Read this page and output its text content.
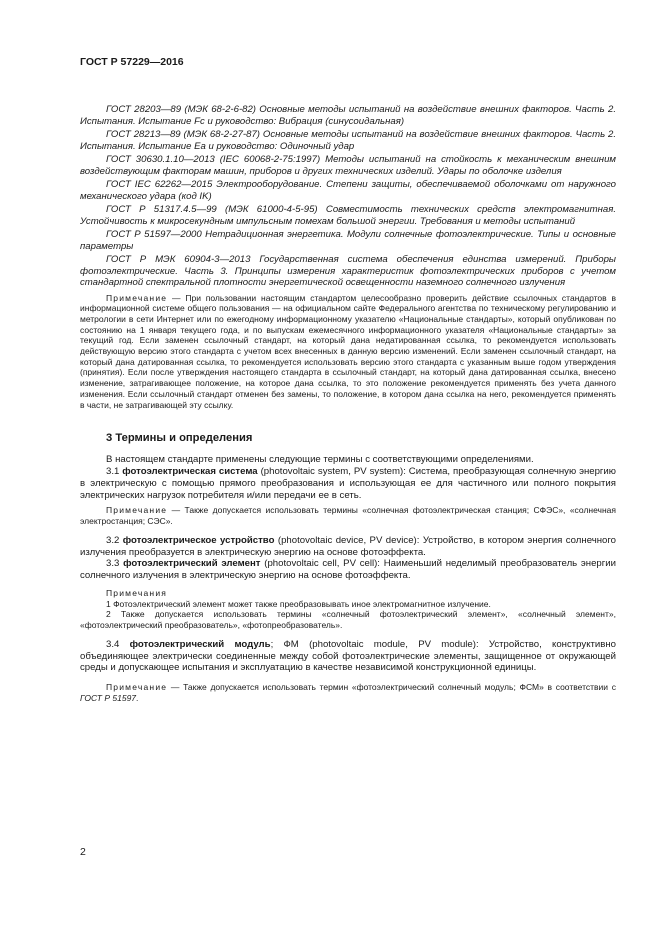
ГОСТ Р 57229—2016

ГОСТ 28203—89 (МЭК 68-2-6-82) Основные методы испытаний на воздействие внешних факторов. Часть 2. Испытания. Испытание Fc и руководство: Вибрация (синусоидальная)

ГОСТ 28213—89 (МЭК 68-2-27-87) Основные методы испытаний на воздействие внешних факторов. Часть 2. Испытания. Испытание Ea и руководство: Одиночный удар

ГОСТ 30630.1.10—2013 (IEC 60068-2-75:1997) Методы испытаний на стойкость к механическим внешним воздействующим факторам машин, приборов и других технических изделий. Удары по оболочке изделия

ГОСТ IEC 62262—2015 Электрооборудование. Степени защиты, обеспечиваемой оболочками от наружного механического удара (код IK)

ГОСТ Р 51317.4.5—99 (МЭК 61000-4-5-95) Совместимость технических средств электромагнитная. Устойчивость к микросекундным импульсным помехам большой энергии. Требования и методы испытаний

ГОСТ Р 51597—2000 Нетрадиционная энергетика. Модули солнечные фотоэлектрические. Типы и основные параметры

ГОСТ Р МЭК 60904-3—2013 Государственная система обеспечения единства измерений. Приборы фотоэлектрические. Часть 3. Принципы измерения характеристик фотоэлектрических приборов с учетом стандартной спектральной плотности энергетической освещенности наземного солнечного излучения

Примечание — При пользовании настоящим стандартом целесообразно проверить действие ссылочных стандартов в информационной системе общего пользования — на официальном сайте Федерального агентства по техническому регулированию и метрологии в сети Интернет или по ежегодному информационному указателю «Национальные стандарты», который опубликован по состоянию на 1 января текущего года, и по выпускам ежемесячного информационного указателя «Национальные стандарты» за текущий год. Если заменен ссылочный стандарт, на который дана недатированная ссылка, то рекомендуется использовать действующую версию этого стандарта с учетом всех внесенных в данную версию изменений. Если заменен ссылочный стандарт, на который дана датированная ссылка, то рекомендуется использовать версию этого стандарта с указанным выше годом утверждения (принятия). Если после утверждения настоящего стандарта в ссылочный стандарт, на который дана датированная ссылка, внесено изменение, затрагивающее положение, на которое дана ссылка, то это положение рекомендуется применять без учета данного изменения. Если ссылочный стандарт отменен без замены, то положение, в котором дана ссылка на него, рекомендуется применять в части, не затрагивающей эту ссылку.

3 Термины и определения

В настоящем стандарте применены следующие термины с соответствующими определениями.

3.1 фотоэлектрическая система (photovoltaic system, PV system): Система, преобразующая солнечную энергию в электрическую с помощью прямого преобразования и использующая ее для частичного или полного покрытия электрических нагрузок потребителя и/или передачи ее в сеть.

Примечание — Также допускается использовать термины «солнечная фотоэлектрическая станция; СФЭС», «солнечная электростанция; СЭС».

3.2 фотоэлектрическое устройство (photovoltaic device, PV device): Устройство, в котором энергия солнечного излучения преобразуется в электрическую энергию на основе фотоэффекта.

3.3 фотоэлектрический элемент (photovoltaic cell, PV cell): Наименьший неделимый преобразователь энергии солнечного излучения в электрическую энергию на основе фотоэффекта.

Примечания
1 Фотоэлектрический элемент может также преобразовывать иное электромагнитное излучение.
2 Также допускается использовать термины «солнечный фотоэлектрический элемент», «солнечный элемент», «фотоэлектрический преобразователь», «фотопреобразователь».

3.4 фотоэлектрический модуль; ФМ (photovoltaic module, PV module): Устройство, конструктивно объединяющее электрически соединенные между собой фотоэлектрические элементы, защищенное от окружающей среды и допускающее испытания и эксплуатацию в качестве независимой конструкционной единицы.

Примечание — Также допускается использовать термин «фотоэлектрический солнечный модуль; ФСМ» в соответствии с ГОСТ Р 51597.

2
